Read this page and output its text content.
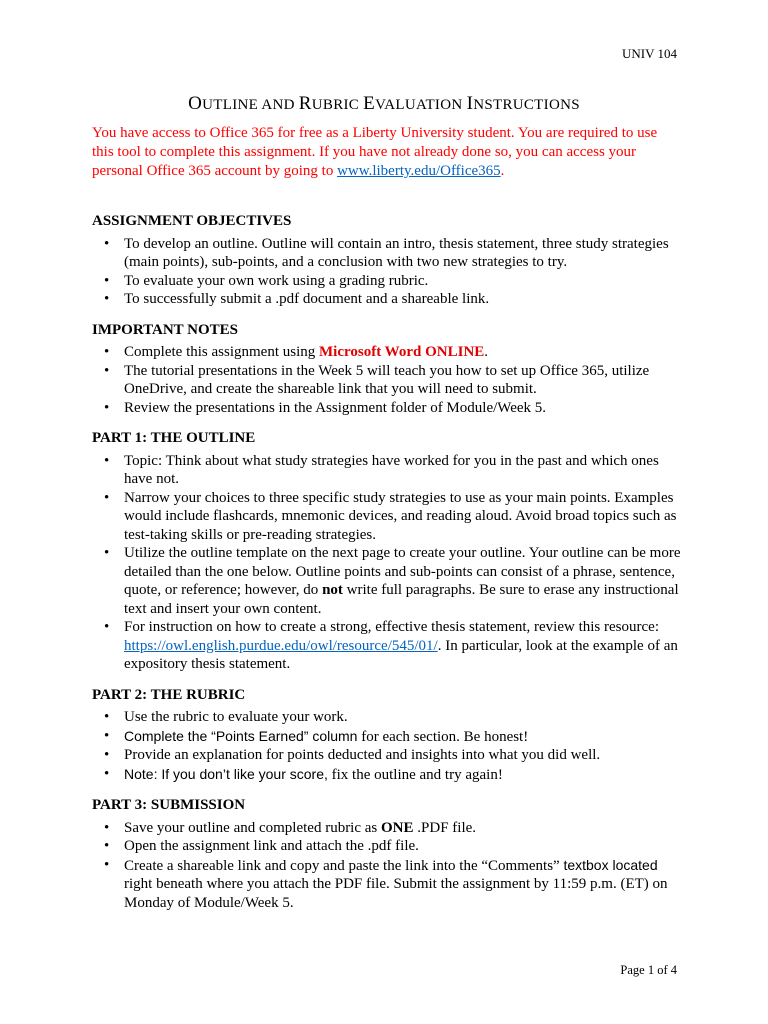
UNIV 104
OUTLINE AND RUBRIC EVALUATION INSTRUCTIONS
You have access to Office 365 for free as a Liberty University student. You are required to use this tool to complete this assignment. If you have not already done so, you can access your personal Office 365 account by going to www.liberty.edu/Office365.
ASSIGNMENT OBJECTIVES
• To develop an outline. Outline will contain an intro, thesis statement, three study strategies (main points), sub-points, and a conclusion with two new strategies to try.
• To evaluate your own work using a grading rubric.
• To successfully submit a .pdf document and a shareable link.
IMPORTANT NOTES
• Complete this assignment using Microsoft Word ONLINE.
• The tutorial presentations in the Week 5 will teach you how to set up Office 365, utilize OneDrive, and create the shareable link that you will need to submit.
• Review the presentations in the Assignment folder of Module/Week 5.
PART 1: THE OUTLINE
• Topic: Think about what study strategies have worked for you in the past and which ones have not.
• Narrow your choices to three specific study strategies to use as your main points. Examples would include flashcards, mnemonic devices, and reading aloud. Avoid broad topics such as test-taking skills or pre-reading strategies.
• Utilize the outline template on the next page to create your outline. Your outline can be more detailed than the one below. Outline points and sub-points can consist of a phrase, sentence, quote, or reference; however, do not write full paragraphs. Be sure to erase any instructional text and insert your own content.
• For instruction on how to create a strong, effective thesis statement, review this resource: https://owl.english.purdue.edu/owl/resource/545/01/. In particular, look at the example of an expository thesis statement.
PART 2: THE RUBRIC
• Use the rubric to evaluate your work.
• Complete the “Points Earned” column for each section. Be honest!
• Provide an explanation for points deducted and insights into what you did well.
• Note: If you don’t like your score, fix the outline and try again!
PART 3: SUBMISSION
• Save your outline and completed rubric as ONE .PDF file.
• Open the assignment link and attach the .pdf file.
• Create a shareable link and copy and paste the link into the “Comments” textbox located right beneath where you attach the PDF file. Submit the assignment by 11:59 p.m. (ET) on Monday of Module/Week 5.
Page 1 of 4
